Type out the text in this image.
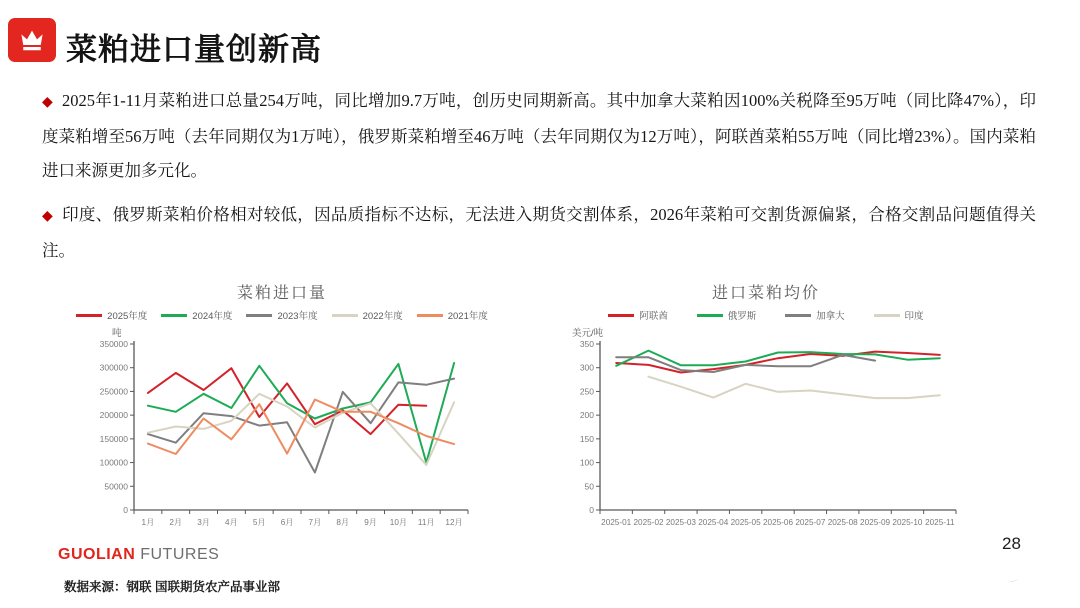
菜粕进口量创新高
◆ 2025年1-11月菜粕进口总量254万吨，同比增加9.7万吨，创历史同期新高。其中加拿大菜粕因100%关税降至95万吨（同比降47%），印度菜粕增至56万吨（去年同期仅为1万吨），俄罗斯菜粕增至46万吨（去年同期仅为12万吨），阿联酋菜粕55万吨（同比增23%）。国内菜粕进口来源更加多元化。
◆ 印度、俄罗斯菜粕价格相对较低，因品质指标不达标，无法进入期货交割体系，2026年菜粕可交割货源偏紧，合格交割品问题值得关注。
菜粕进口量
2025年度	2024年度	2023年度	2022年度	2021年度
吨
0
50000
100000
150000
200000
250000
300000
350000
1月 2月 3月 4月 5月 6月 7月 8月 9月 10月 11月 12月
进口菜粕均价
阿联酋	俄罗斯	加拿大	印度
美元/吨
0
50
100
150
200
250
300
350
2025-01 2025-02 2025-03 2025-04 2025-05 2025-06 2025-07 2025-08 2025-09 2025-10 2025-11
GUOLIAN FUTURES
数据来源：钢联 国联期货农产品事业部
28
